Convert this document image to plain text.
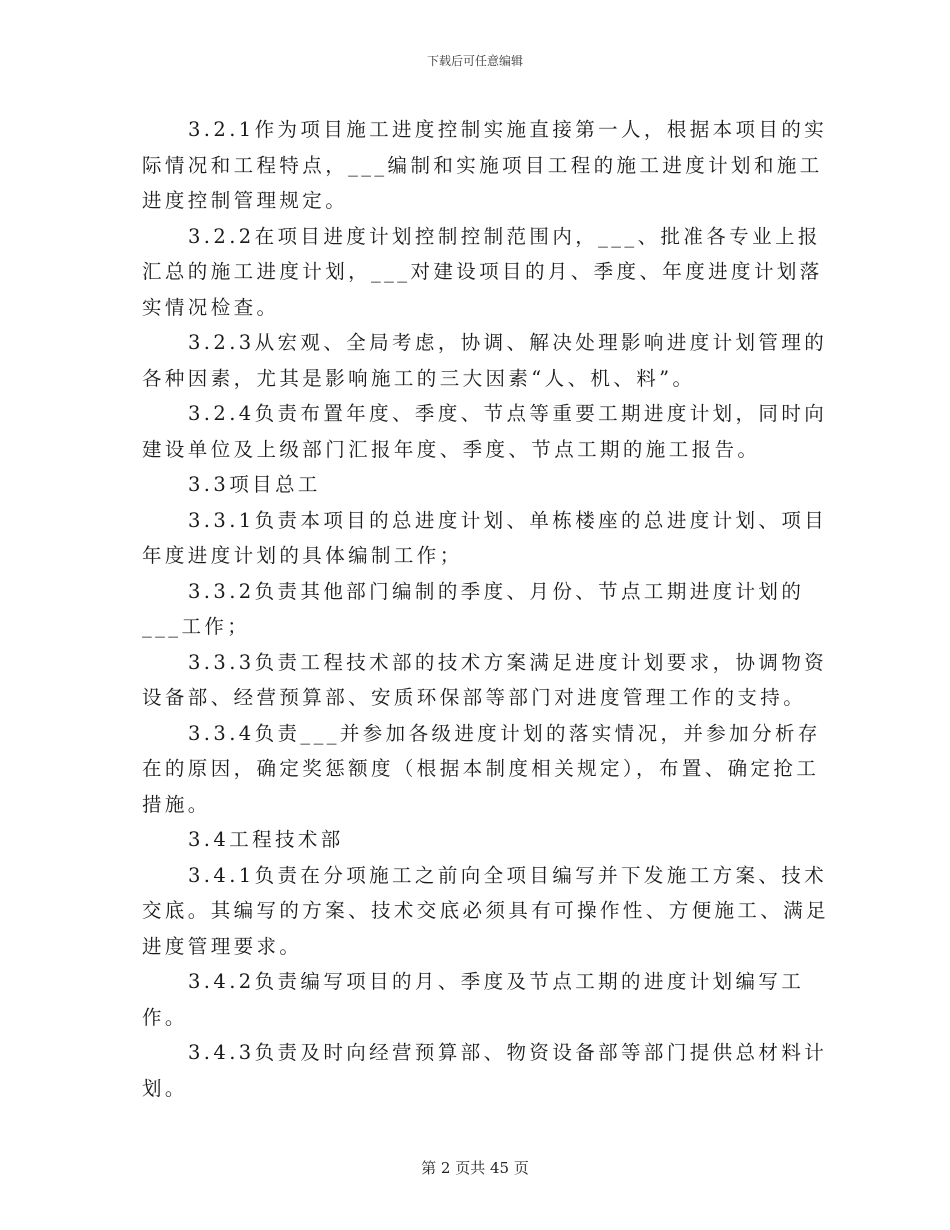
下载后可任意编辑

3.2.1作为项目施工进度控制实施直接第一人，根据本项目的实际情况和工程特点，___编制和实施项目工程的施工进度计划和施工进度控制管理规定。

3.2.2在项目进度计划控制控制范围内，___、批准各专业上报汇总的施工进度计划，___对建设项目的月、季度、年度进度计划落实情况检查。

3.2.3从宏观、全局考虑，协调、解决处理影响进度计划管理的各种因素，尤其是影响施工的三大因素“人、机、料”。

3.2.4负责布置年度、季度、节点等重要工期进度计划，同时向建设单位及上级部门汇报年度、季度、节点工期的施工报告。

3.3项目总工

3.3.1负责本项目的总进度计划、单栋楼座的总进度计划、项目年度进度计划的具体编制工作；

3.3.2负责其他部门编制的季度、月份、节点工期进度计划的___工作；

3.3.3负责工程技术部的技术方案满足进度计划要求，协调物资设备部、经营预算部、安质环保部等部门对进度管理工作的支持。

3.3.4负责___并参加各级进度计划的落实情况，并参加分析存在的原因，确定奖惩额度（根据本制度相关规定），布置、确定抢工措施。

3.4工程技术部

3.4.1负责在分项施工之前向全项目编写并下发施工方案、技术交底。其编写的方案、技术交底必须具有可操作性、方便施工、满足进度管理要求。

3.4.2负责编写项目的月、季度及节点工期的进度计划编写工作。

3.4.3负责及时向经营预算部、物资设备部等部门提供总材料计划。

第 2 页共 45 页
